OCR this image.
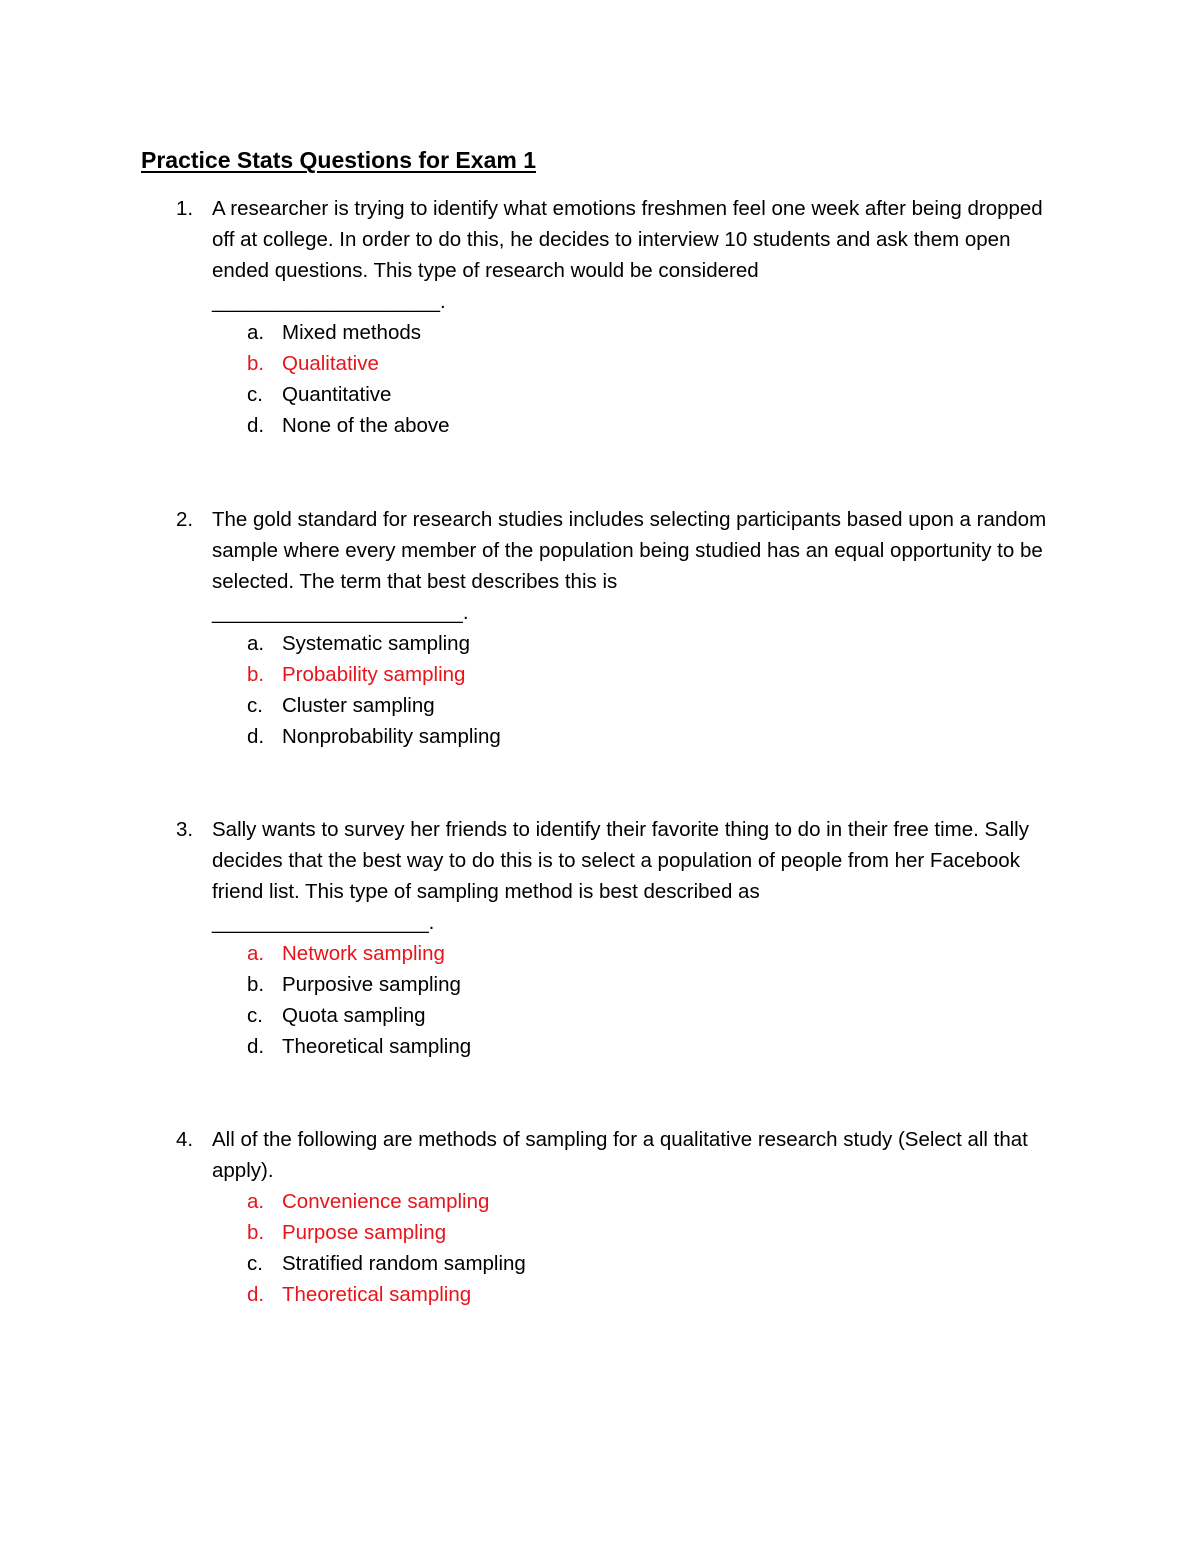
Practice Stats Questions for Exam 1
1. A researcher is trying to identify what emotions freshmen feel one week after being dropped off at college. In order to do this, he decides to interview 10 students and ask them open ended questions. This type of research would be considered
____________________.
a. Mixed methods
b. Qualitative
c. Quantitative
d. None of the above
2. The gold standard for research studies includes selecting participants based upon a random sample where every member of the population being studied has an equal opportunity to be selected. The term that best describes this is
______________________.
a. Systematic sampling
b. Probability sampling
c. Cluster sampling
d. Nonprobability sampling
3. Sally wants to survey her friends to identify their favorite thing to do in their free time. Sally decides that the best way to do this is to select a population of people from her Facebook friend list. This type of sampling method is best described as
___________________.
a. Network sampling
b. Purposive sampling
c. Quota sampling
d. Theoretical sampling
4. All of the following are methods of sampling for a qualitative research study (Select all that apply).
a. Convenience sampling
b. Purpose sampling
c. Stratified random sampling
d. Theoretical sampling
